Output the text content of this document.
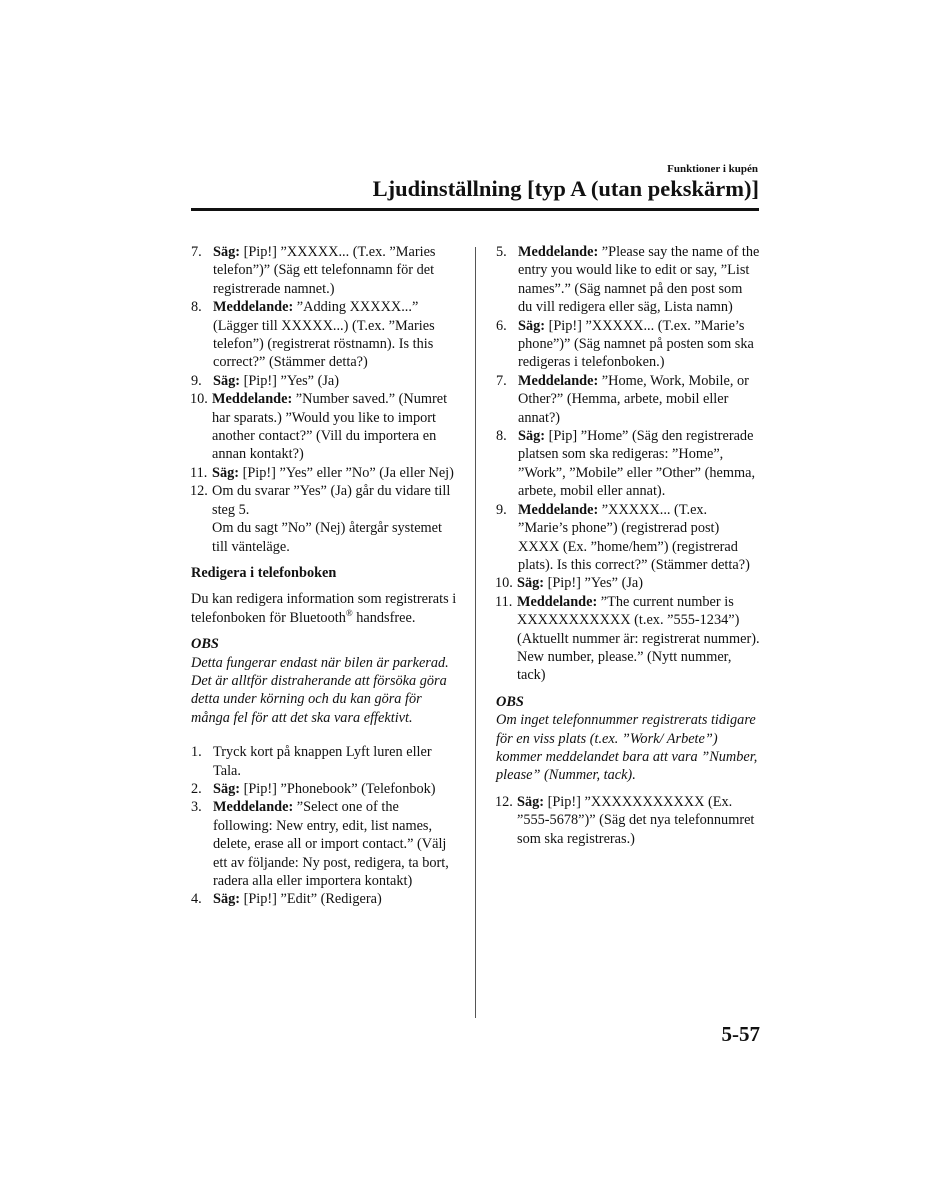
Funktioner i kupén
Ljudinställning [typ A (utan pekskärm)]
7. Säg: [Pip!] ”XXXXX... (T.ex. ”Maries telefon”)” (Säg ett telefonnamn för det registrerade namnet.)
8. Meddelande: ”Adding XXXXX...” (Lägger till XXXXX...) (T.ex. ”Maries telefon”) (registrerat röstnamn). Is this correct?” (Stämmer detta?)
9. Säg: [Pip!] ”Yes” (Ja)
10. Meddelande: ”Number saved.” (Numret har sparats.) ”Would you like to import another contact?” (Vill du importera en annan kontakt?)
11. Säg: [Pip!] ”Yes” eller ”No” (Ja eller Nej)
12. Om du svarar ”Yes” (Ja) går du vidare till steg 5.
Om du sagt ”No” (Nej) återgår systemet till vänteläge.
Redigera i telefonboken
Du kan redigera information som registrerats i telefonboken för Bluetooth® handsfree.
OBS
Detta fungerar endast när bilen är parkerad. Det är alltför distraherande att försöka göra detta under körning och du kan göra för många fel för att det ska vara effektivt.
1. Tryck kort på knappen Lyft luren eller Tala.
2. Säg: [Pip!] ”Phonebook” (Telefonbok)
3. Meddelande: ”Select one of the following: New entry, edit, list names, delete, erase all or import contact.” (Välj ett av följande: Ny post, redigera, ta bort, radera alla eller importera kontakt)
4. Säg: [Pip!] ”Edit” (Redigera)
5. Meddelande: ”Please say the name of the entry you would like to edit or say, ”List names”.” (Säg namnet på den post som du vill redigera eller säg, Lista namn)
6. Säg: [Pip!] ”XXXXX... (T.ex. ”Marie’s phone”)” (Säg namnet på posten som ska redigeras i telefonboken.)
7. Meddelande: ”Home, Work, Mobile, or Other?” (Hemma, arbete, mobil eller annat?)
8. Säg: [Pip] ”Home” (Säg den registrerade platsen som ska redigeras: ”Home”, ”Work”, ”Mobile” eller ”Other” (hemma, arbete, mobil eller annat).
9. Meddelande: ”XXXXX... (T.ex. ”Marie’s phone”) (registrerad post) XXXX (Ex. ”home/hem”) (registrerad plats). Is this correct?” (Stämmer detta?)
10. Säg: [Pip!] ”Yes” (Ja)
11. Meddelande: ”The current number is XXXXXXXXXXX (t.ex. ”555-1234”) (Aktuellt nummer är: registrerat nummer). New number, please.” (Nytt nummer, tack)
OBS
Om inget telefonnummer registrerats tidigare för en viss plats (t.ex. ”Work/ Arbete”) kommer meddelandet bara att vara ”Number, please” (Nummer, tack).
12. Säg: [Pip!] ”XXXXXXXXXXX (Ex. ”555-5678”)” (Säg det nya telefonnumret som ska registreras.)
5-57
